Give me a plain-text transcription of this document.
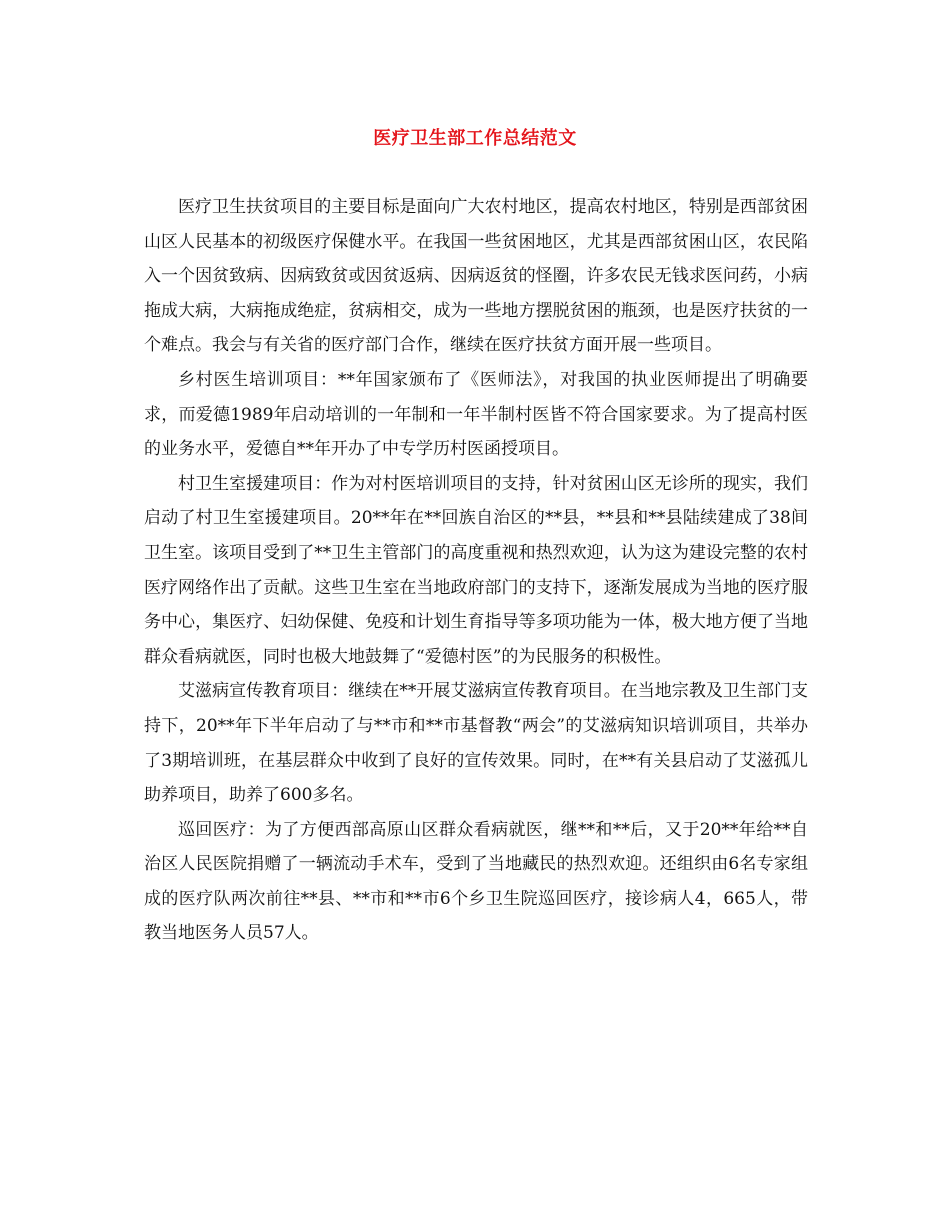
医疗卫生部工作总结范文

医疗卫生扶贫项目的主要目标是面向广大农村地区，提高农村地区，特别是西部贫困山区人民基本的初级医疗保健水平。在我国一些贫困地区，尤其是西部贫困山区，农民陷入一个因贫致病、因病致贫或因贫返病、因病返贫的怪圈，许多农民无钱求医问药，小病拖成大病，大病拖成绝症，贫病相交，成为一些地方摆脱贫困的瓶颈，也是医疗扶贫的一个难点。我会与有关省的医疗部门合作，继续在医疗扶贫方面开展一些项目。

乡村医生培训项目：**年国家颁布了《医师法》，对我国的执业医师提出了明确要求，而爱德1989年启动培训的一年制和一年半制村医皆不符合国家要求。为了提高村医的业务水平，爱德自**年开办了中专学历村医函授项目。

村卫生室援建项目：作为对村医培训项目的支持，针对贫困山区无诊所的现实，我们启动了村卫生室援建项目。20**年在**回族自治区的**县，**县和**县陆续建成了38间卫生室。该项目受到了**卫生主管部门的高度重视和热烈欢迎，认为这为建设完整的农村医疗网络作出了贡献。这些卫生室在当地政府部门的支持下，逐渐发展成为当地的医疗服务中心，集医疗、妇幼保健、免疫和计划生育指导等多项功能为一体，极大地方便了当地群众看病就医，同时也极大地鼓舞了“爱德村医”的为民服务的积极性。

艾滋病宣传教育项目：继续在**开展艾滋病宣传教育项目。在当地宗教及卫生部门支持下，20**年下半年启动了与**市和**市基督教“两会”的艾滋病知识培训项目，共举办了3期培训班，在基层群众中收到了良好的宣传效果。同时，在**有关县启动了艾滋孤儿助养项目，助养了600多名。

巡回医疗：为了方便西部高原山区群众看病就医，继**和**后，又于20**年给**自治区人民医院捐赠了一辆流动手术车，受到了当地藏民的热烈欢迎。还组织由6名专家组成的医疗队两次前往**县、**市和**市6个乡卫生院巡回医疗，接诊病人4，665人，带教当地医务人员57人。
